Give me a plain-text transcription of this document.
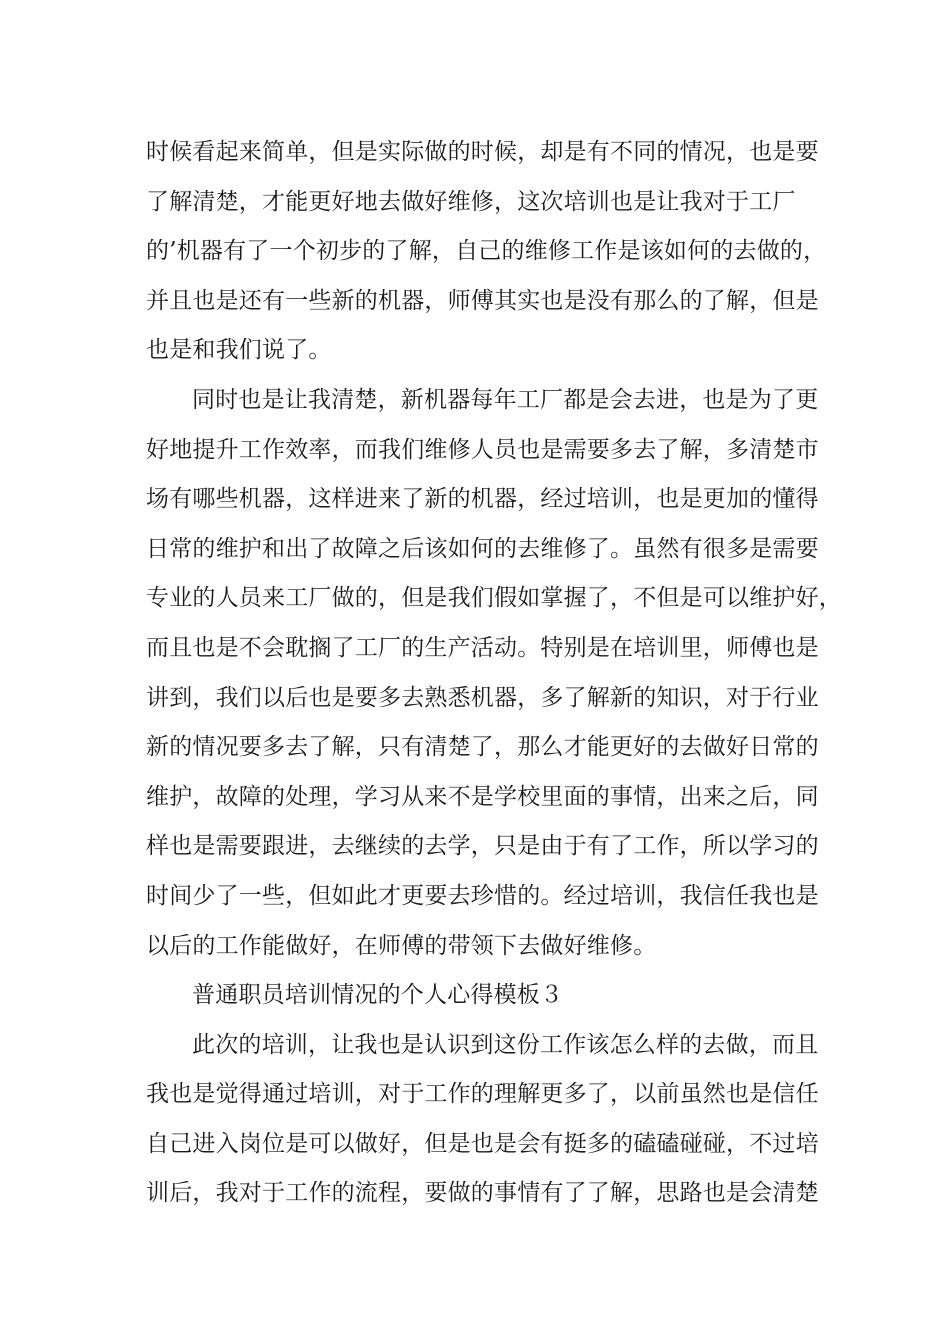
时候看起来简单，但是实际做的时候，却是有不同的情况，也是要
了解清楚，才能更好地去做好维修，这次培训也是让我对于工厂
的’机器有了一个初步的了解，自己的维修工作是该如何的去做的，
并且也是还有一些新的机器，师傅其实也是没有那么的了解，但是
也是和我们说了。
同时也是让我清楚，新机器每年工厂都是会去进，也是为了更
好地提升工作效率，而我们维修人员也是需要多去了解，多清楚市
场有哪些机器，这样进来了新的机器，经过培训，也是更加的懂得
日常的维护和出了故障之后该如何的去维修了。虽然有很多是需要
专业的人员来工厂做的，但是我们假如掌握了，不但是可以维护好，
而且也是不会耽搁了工厂的生产活动。特别是在培训里，师傅也是
讲到，我们以后也是要多去熟悉机器，多了解新的知识，对于行业
新的情况要多去了解，只有清楚了，那么才能更好的去做好日常的
维护，故障的处理，学习从来不是学校里面的事情，出来之后，同
样也是需要跟进，去继续的去学，只是由于有了工作，所以学习的
时间少了一些，但如此才更要去珍惜的。经过培训，我信任我也是
以后的工作能做好，在师傅的带领下去做好维修。
普通职员培训情况的个人心得模板３
此次的培训，让我也是认识到这份工作该怎么样的去做，而且
我也是觉得通过培训，对于工作的理解更多了，以前虽然也是信任
自己进入岗位是可以做好，但是也是会有挺多的磕磕碰碰，不过培
训后，我对于工作的流程，要做的事情有了了解，思路也是会清楚
